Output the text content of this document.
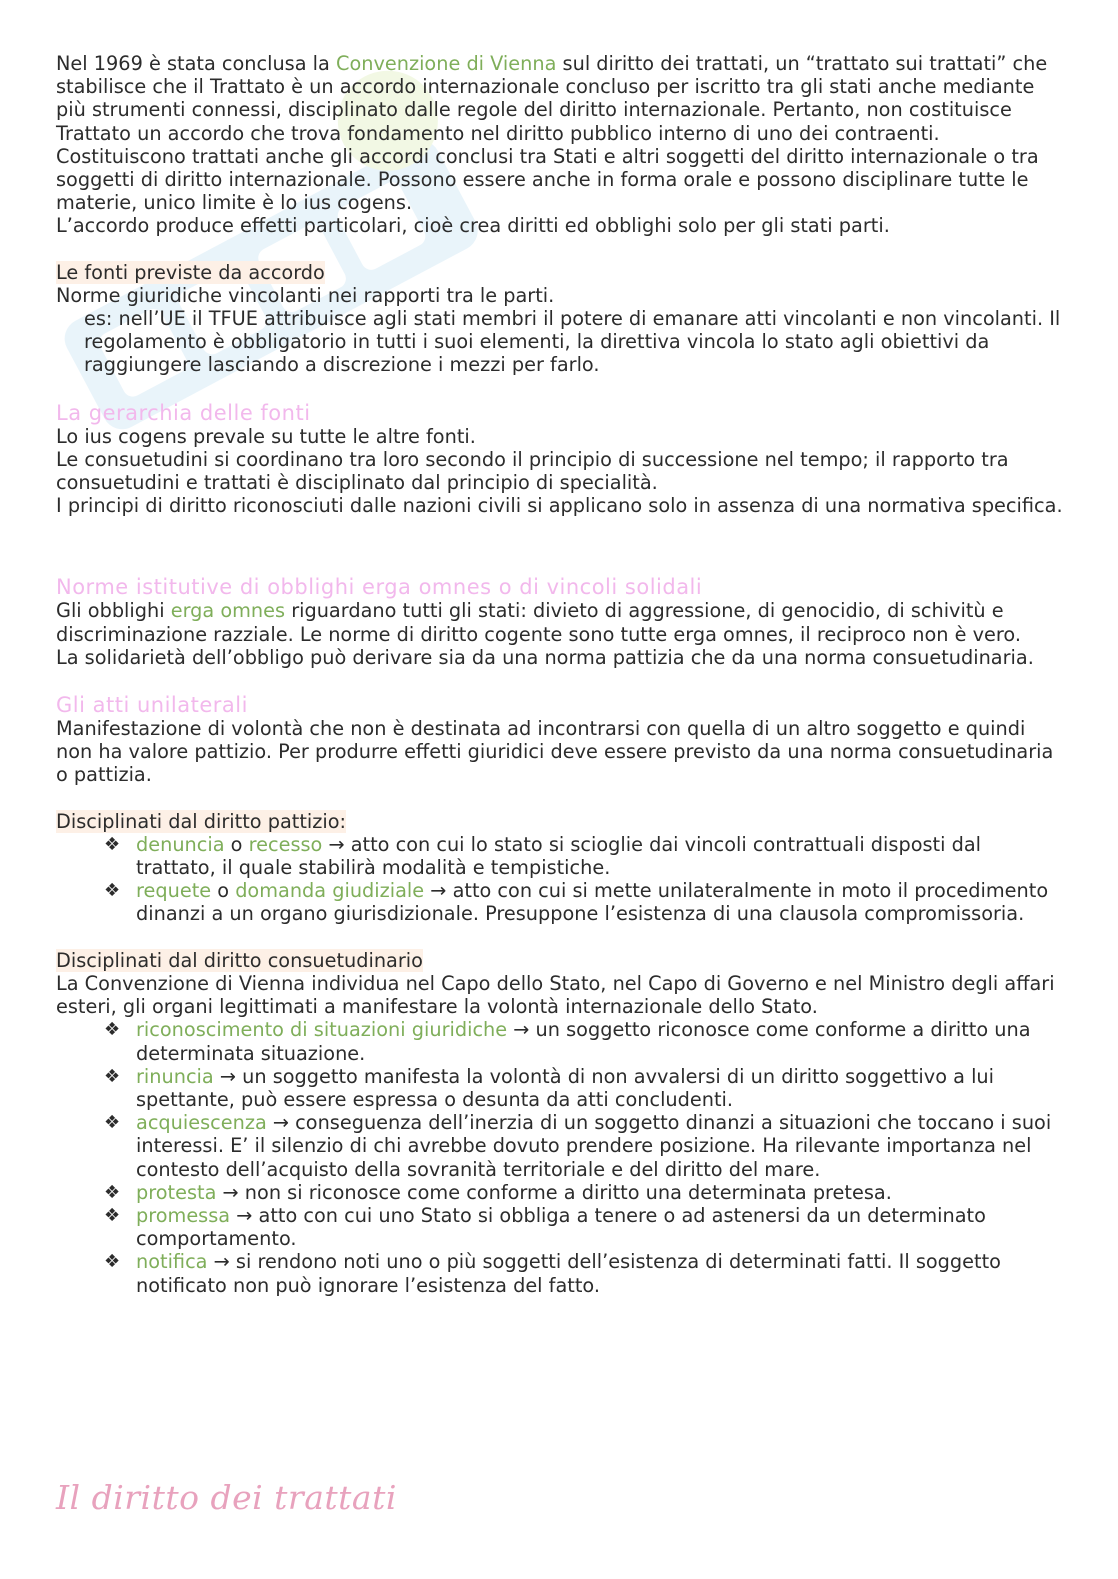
Nel 1969 è stata conclusa la Convenzione di Vienna sul diritto dei trattati, un “trattato sui trattati” che stabilisce che il Trattato è un accordo internazionale concluso per iscritto tra gli stati anche mediante più strumenti connessi, disciplinato dalle regole del diritto internazionale. Pertanto, non costituisce Trattato un accordo che trova fondamento nel diritto pubblico interno di uno dei contraenti.

Costituiscono trattati anche gli accordi conclusi tra Stati e altri soggetti del diritto internazionale o tra soggetti di diritto internazionale. Possono essere anche in forma orale e possono disciplinare tutte le materie, unico limite è lo ius cogens.

L’accordo produce effetti particolari, cioè crea diritti ed obblighi solo per gli stati parti.

Le fonti previste da accordo

Norme giuridiche vincolanti nei rapporti tra le parti.

es: nell’UE il TFUE attribuisce agli stati membri il potere di emanare atti vincolanti e non vincolanti. Il regolamento è obbligatorio in tutti i suoi elementi, la direttiva vincola lo stato agli obiettivi da raggiungere lasciando a discrezione i mezzi per farlo.

La gerarchia delle fonti

Lo ius cogens prevale su tutte le altre fonti.

Le consuetudini si coordinano tra loro secondo il principio di successione nel tempo; il rapporto tra consuetudini e trattati è disciplinato dal principio di specialità.

I principi di diritto riconosciuti dalle nazioni civili si applicano solo in assenza di una normativa specifica.

Norme istitutive di obblighi erga omnes o di vincoli solidali

Gli obblighi erga omnes riguardano tutti gli stati: divieto di aggressione, di genocidio, di schivitù e discriminazione razziale. Le norme di diritto cogente sono tutte erga omnes, il reciproco non è vero.

La solidarietà dell’obbligo può derivare sia da una norma pattizia che da una norma consuetudinaria.

Gli atti unilaterali

Manifestazione di volontà che non è destinata ad incontrarsi con quella di un altro soggetto e quindi non ha valore pattizio. Per produrre effetti giuridici deve essere previsto da una norma consuetudinaria o pattizia.

Disciplinati dal diritto pattizio:

❖ denuncia o recesso → atto con cui lo stato si scioglie dai vincoli contrattuali disposti dal trattato, il quale stabilirà modalità e tempistiche.
❖ requete o domanda giudiziale → atto con cui si mette unilateralmente in moto il procedimento dinanzi a un organo giurisdizionale. Presuppone l’esistenza di una clausola compromissoria.

Disciplinati dal diritto consuetudinario

La Convenzione di Vienna individua nel Capo dello Stato, nel Capo di Governo e nel Ministro degli affari esteri, gli organi legittimati a manifestare la volontà internazionale dello Stato.

❖ riconoscimento di situazioni giuridiche → un soggetto riconosce come conforme a diritto una determinata situazione.
❖ rinuncia → un soggetto manifesta la volontà di non avvalersi di un diritto soggettivo a lui spettante, può essere espressa o desunta da atti concludenti.
❖ acquiescenza → conseguenza dell’inerzia di un soggetto dinanzi a situazioni che toccano i suoi interessi. E’ il silenzio di chi avrebbe dovuto prendere posizione. Ha rilevante importanza nel contesto dell’acquisto della sovranità territoriale e del diritto del mare.
❖ protesta → non si riconosce come conforme a diritto una determinata pretesa.
❖ promessa → atto con cui uno Stato si obbliga a tenere o ad astenersi da un determinato comportamento.
❖ notifica → si rendono noti uno o più soggetti dell’esistenza di determinati fatti. Il soggetto notificato non può ignorare l’esistenza del fatto.
Il diritto dei trattati
